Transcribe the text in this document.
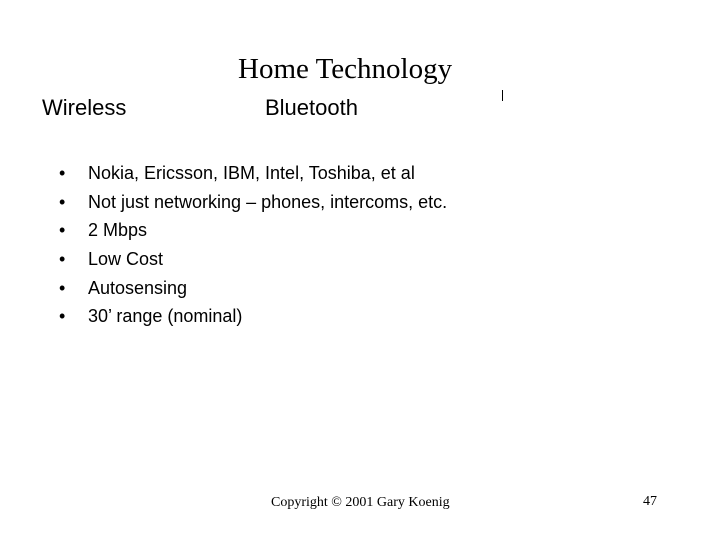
Home Technology
Wireless	Bluetooth
• Nokia, Ericsson, IBM, Intel, Toshiba, et al
• Not just networking – phones, intercoms, etc.
• 2 Mbps
• Low Cost
• Autosensing
• 30’ range (nominal)
Copyright © 2001 Gary Koenig	47
